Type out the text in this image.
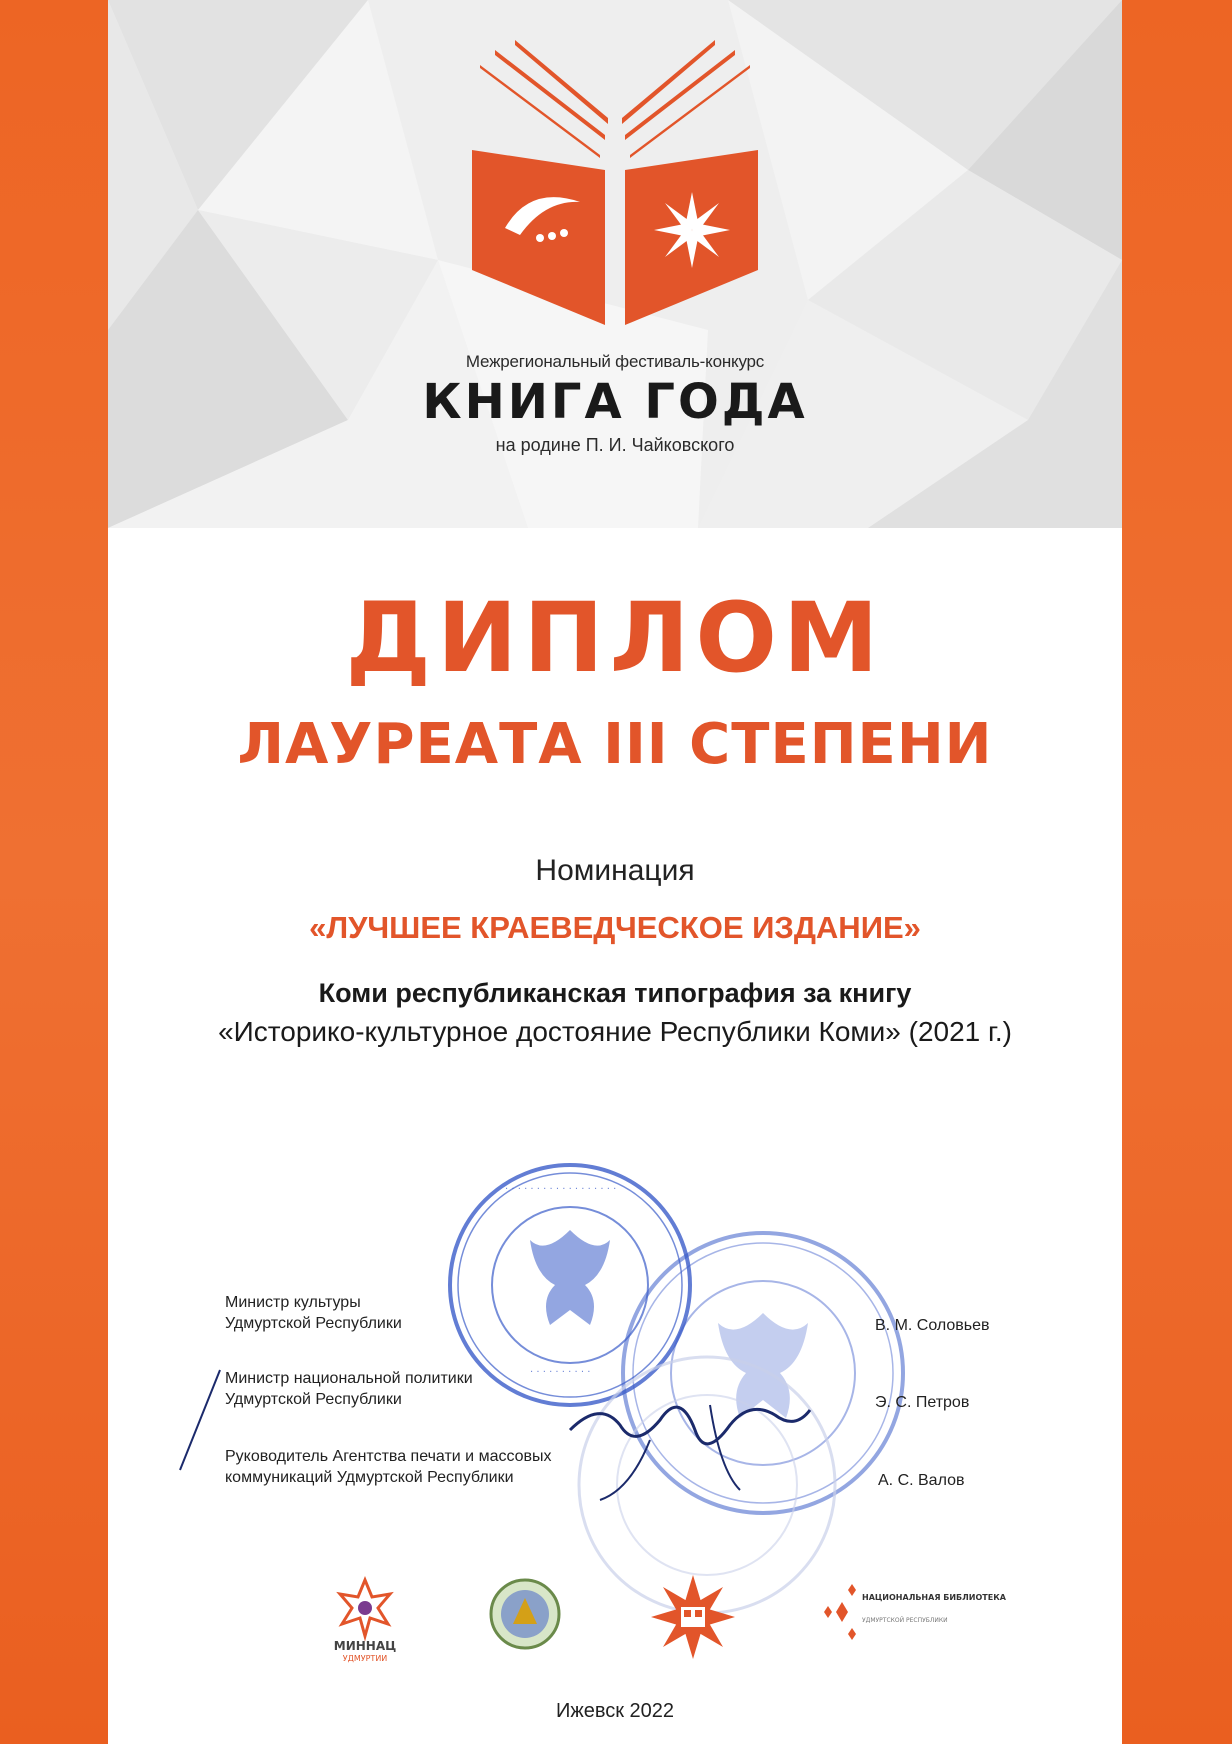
Межрегиональный фестиваль-конкурс
КНИГА ГОДА
на родине П. И. Чайковского
ДИПЛОМ
ЛАУРЕАТА III СТЕПЕНИ
Номинация
«ЛУЧШЕЕ КРАЕВЕДЧЕСКОЕ ИЗДАНИЕ»
Коми республиканская типография за книгу
«Историко-культурное достояние Республики Коми» (2021 г.)
· · · · · · · · · · · · · · · · · ·
· · · · · · · · · ·
Министр культуры
Удмуртской Республики	В. М. Соловьев
Министр национальной политики
Удмуртской Республики	Э. С. Петров
Руководитель Агентства печати и массовых
коммуникаций Удмуртской Республики	А. С. Валов
МИННАЦ
УДМУРТИИ
НАЦИОНАЛЬНАЯ БИБЛИОТЕКА
УДМУРТСКОЙ РЕСПУБЛИКИ
Ижевск 2022
